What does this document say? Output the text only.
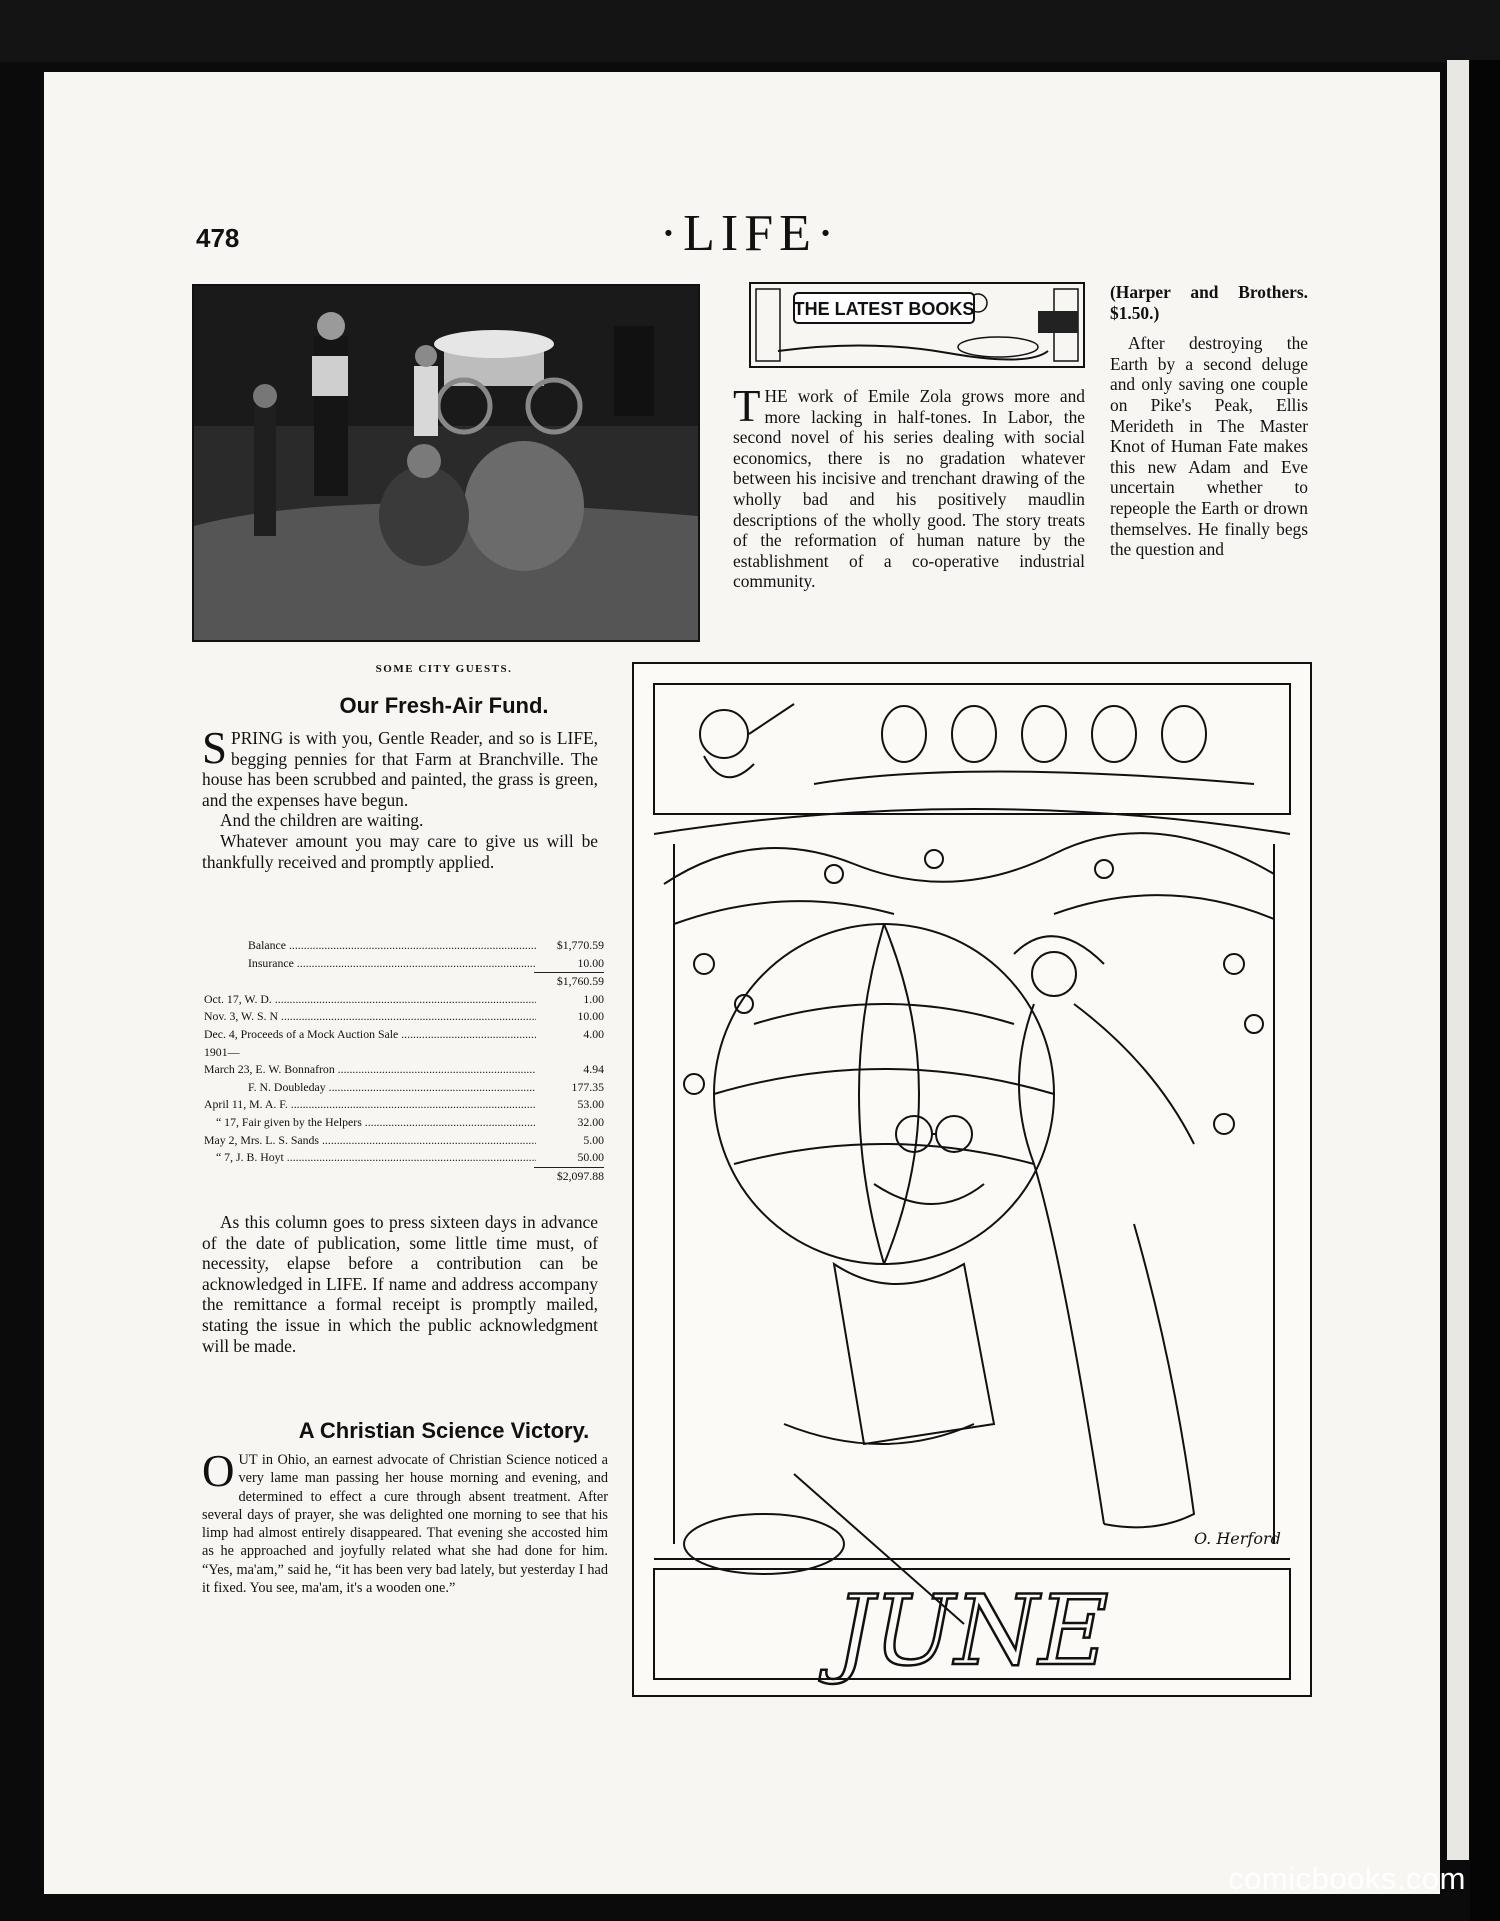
478	·LIFE·
SOME CITY GUESTS.
Our Fresh-Air Fund.

SPRING is with you, Gentle Reader, and so is LIFE, begging pennies for that Farm at Branchville. The house has been scrubbed and painted, the grass is green, and the expenses have begun.

And the children are waiting.

Whatever amount you may care to give us will be thankfully received and promptly applied.

Balance .....	$1,770.59
Insurance .....	10.00
$1,760.59
Oct. 17, W. D. .....	1.00
Nov. 3, W. S. N .....	10.00
Dec. 4, Proceeds of a Mock Auction Sale .....	4.00
1901—
March 23, E. W. Bonnafron .....	4.94
F. N. Doubleday .....	177.35
April 11, M. A. F. .....	53.00
“ 17, Fair given by the Helpers .....	32.00
May 2, Mrs. L. S. Sands .....	5.00
“ 7, J. B. Hoyt .....	50.00
$2,097.88

As this column goes to press sixteen days in advance of the date of publication, some little time must, of necessity, elapse before a contribution can be acknowledged in LIFE. If name and address accompany the remittance a formal receipt is promptly mailed, stating the issue in which the public acknowledgment will be made.

A Christian Science Victory.

OUT in Ohio, an earnest advocate of Christian Science noticed a very lame man passing her house morning and evening, and determined to effect a cure through absent treatment. After several days of prayer, she was delighted one morning to see that his limp had almost entirely disappeared. That evening she accosted him as he approached and joyfully related what she had done for him. “Yes, ma'am,” said he, “it has been very bad lately, but yesterday I had it fixed. You see, ma'am, it's a wooden one.”

THE LATEST BOOKS

THE work of Emile Zola grows more and more lacking in half-tones. In Labor, the second novel of his series dealing with social economics, there is no gradation whatever between his incisive and trenchant drawing of the wholly bad and his positively maudlin descriptions of the wholly good. The story treats of the reformation of human nature by the establishment of a co-operative industrial community.

(Harper and Brothers. $1.50.)

After destroying the Earth by a second deluge and only saving one couple on Pike's Peak, Ellis Merideth in The Master Knot of Human Fate makes this new Adam and Eve uncertain whether to repeople the Earth or drown themselves. He finally begs the question and

JUNE
O. Herford
comicbooks.com
